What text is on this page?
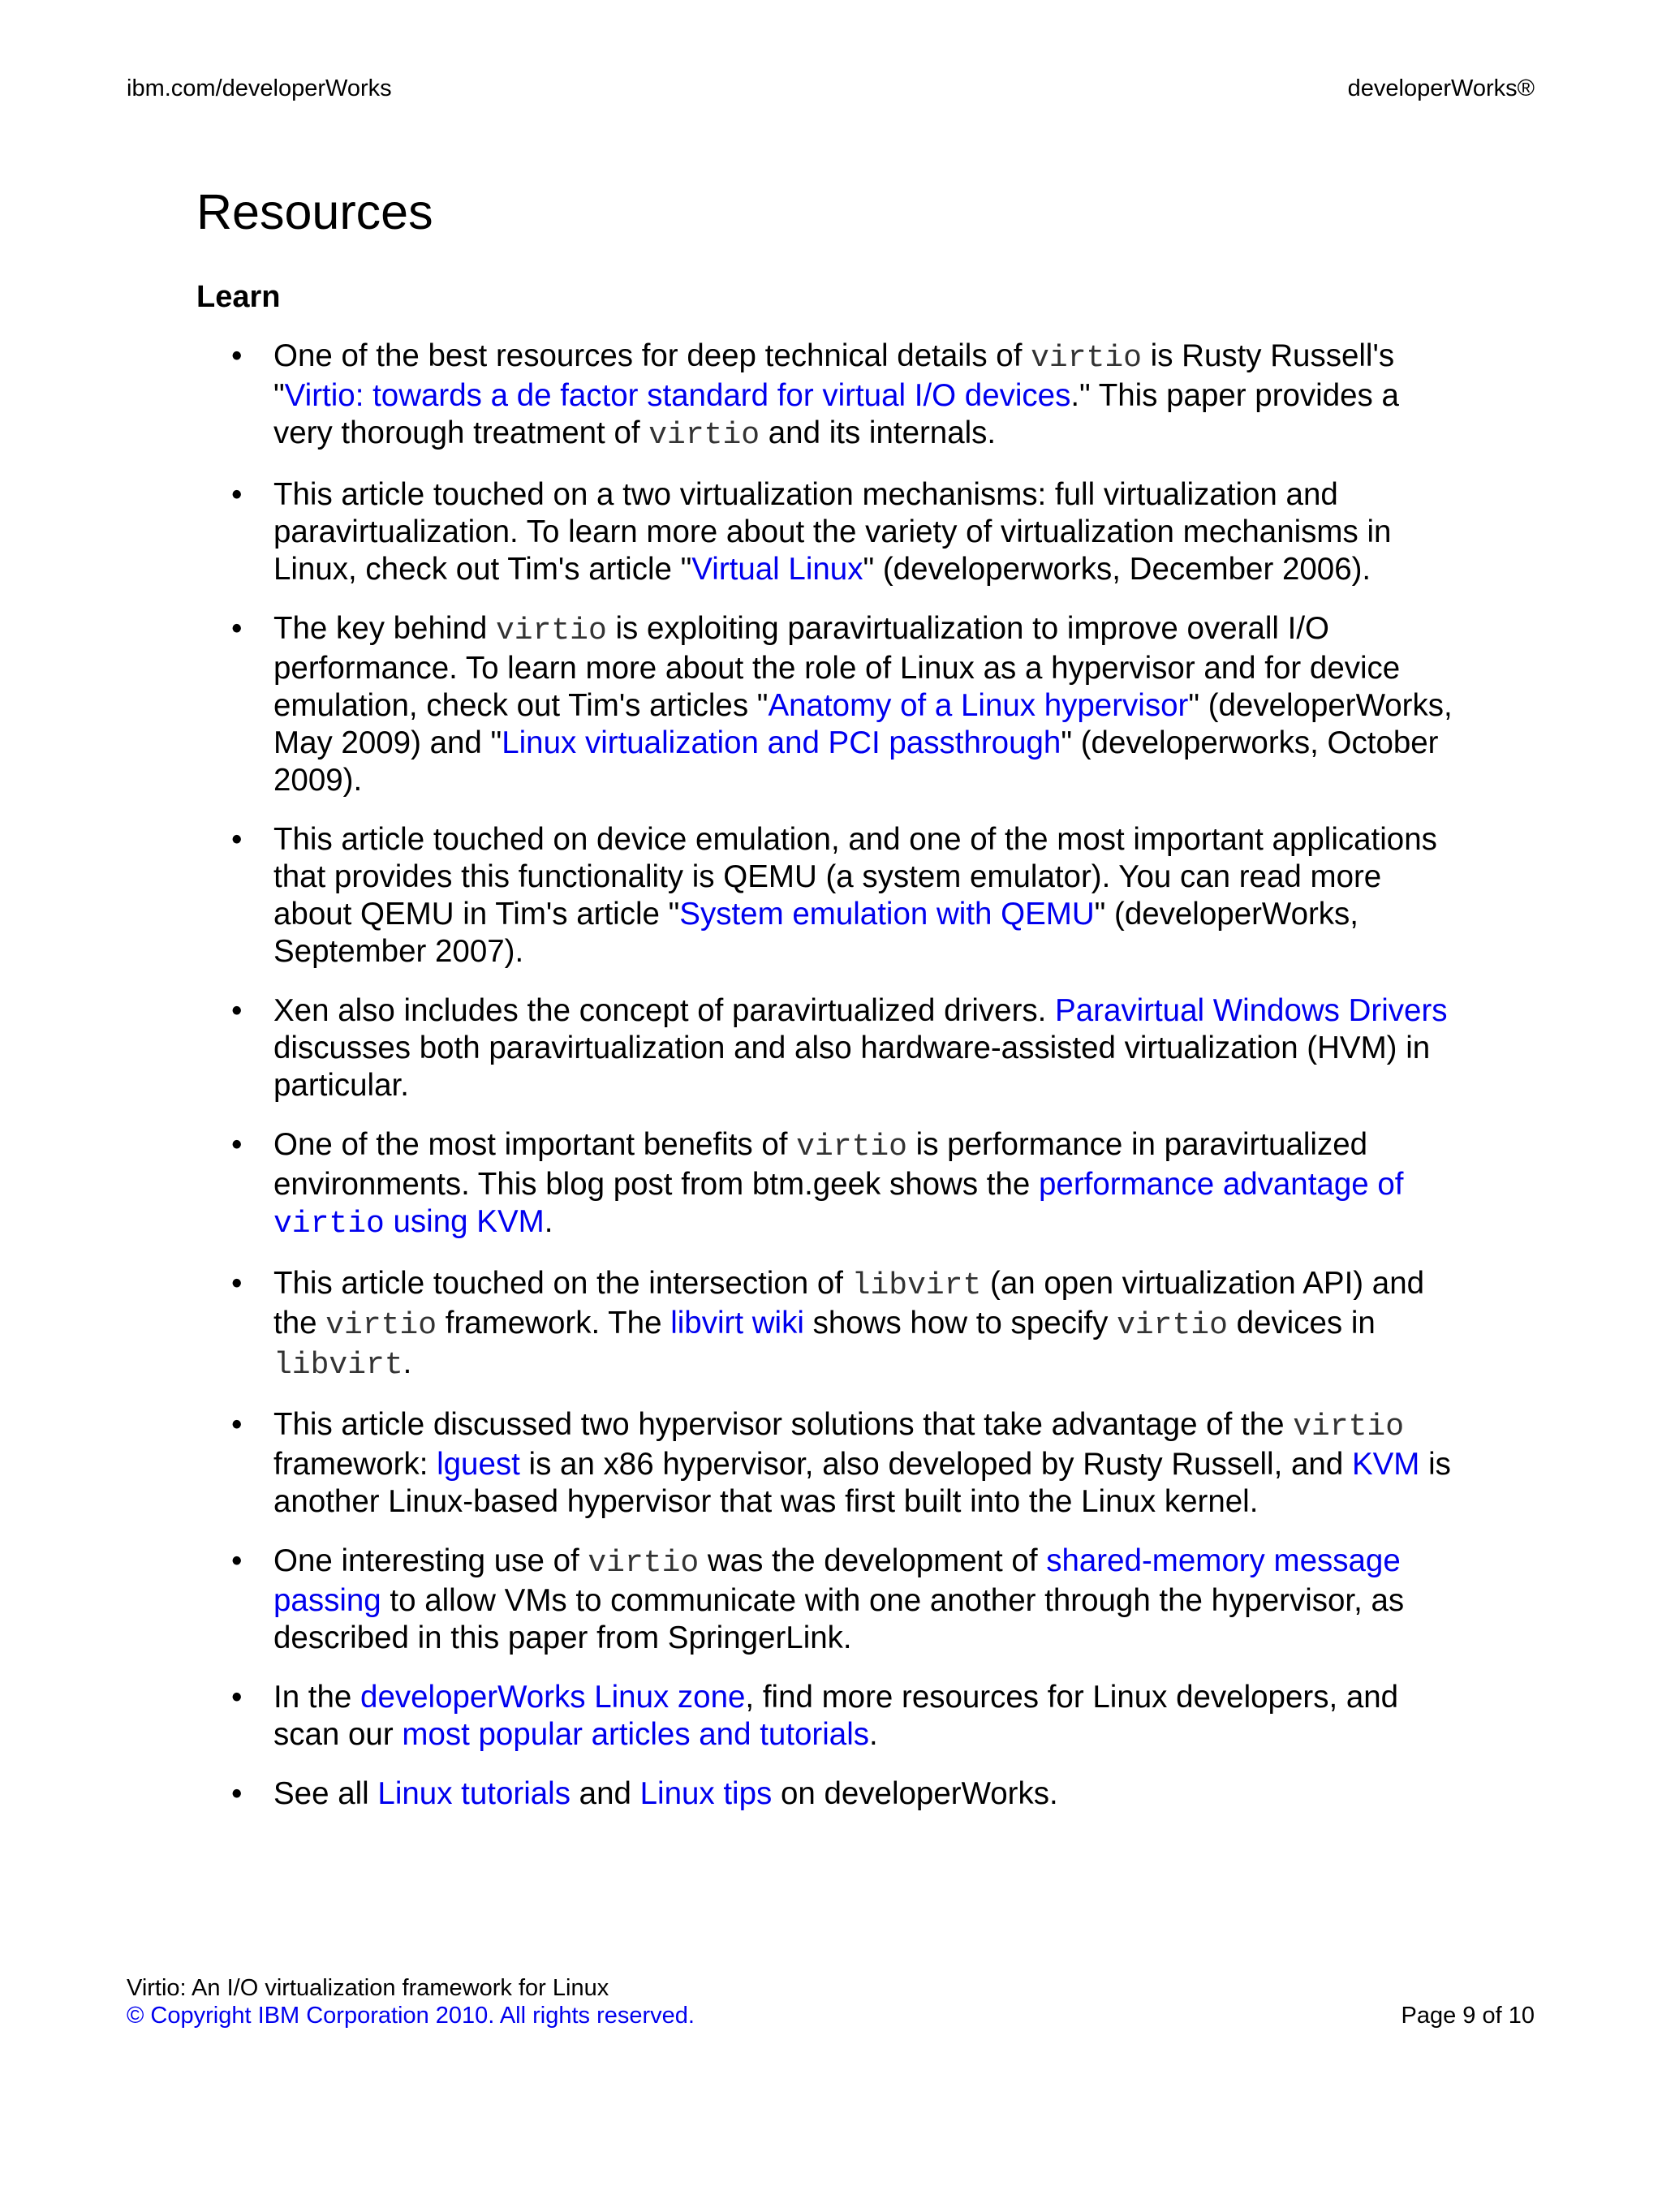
ibm.com/developerWorks	developerWorks®
Resources
Learn
• One of the best resources for deep technical details of virtio is Rusty Russell's "Virtio: towards a de factor standard for virtual I/O devices." This paper provides a very thorough treatment of virtio and its internals.
• This article touched on a two virtualization mechanisms: full virtualization and paravirtualization. To learn more about the variety of virtualization mechanisms in Linux, check out Tim's article "Virtual Linux" (developerworks, December 2006).
• The key behind virtio is exploiting paravirtualization to improve overall I/O performance. To learn more about the role of Linux as a hypervisor and for device emulation, check out Tim's articles "Anatomy of a Linux hypervisor" (developerWorks, May 2009) and "Linux virtualization and PCI passthrough" (developerworks, October 2009).
• This article touched on device emulation, and one of the most important applications that provides this functionality is QEMU (a system emulator). You can read more about QEMU in Tim's article "System emulation with QEMU" (developerWorks, September 2007).
• Xen also includes the concept of paravirtualized drivers. Paravirtual Windows Drivers discusses both paravirtualization and also hardware-assisted virtualization (HVM) in particular.
• One of the most important benefits of virtio is performance in paravirtualized environments. This blog post from btm.geek shows the performance advantage of virtio using KVM.
• This article touched on the intersection of libvirt (an open virtualization API) and the virtio framework. The libvirt wiki shows how to specify virtio devices in libvirt.
• This article discussed two hypervisor solutions that take advantage of the virtio framework: lguest is an x86 hypervisor, also developed by Rusty Russell, and KVM is another Linux-based hypervisor that was first built into the Linux kernel.
• One interesting use of virtio was the development of shared-memory message passing to allow VMs to communicate with one another through the hypervisor, as described in this paper from SpringerLink.
• In the developerWorks Linux zone, find more resources for Linux developers, and scan our most popular articles and tutorials.
• See all Linux tutorials and Linux tips on developerWorks.
Virtio: An I/O virtualization framework for Linux
© Copyright IBM Corporation 2010. All rights reserved.	Page 9 of 10
